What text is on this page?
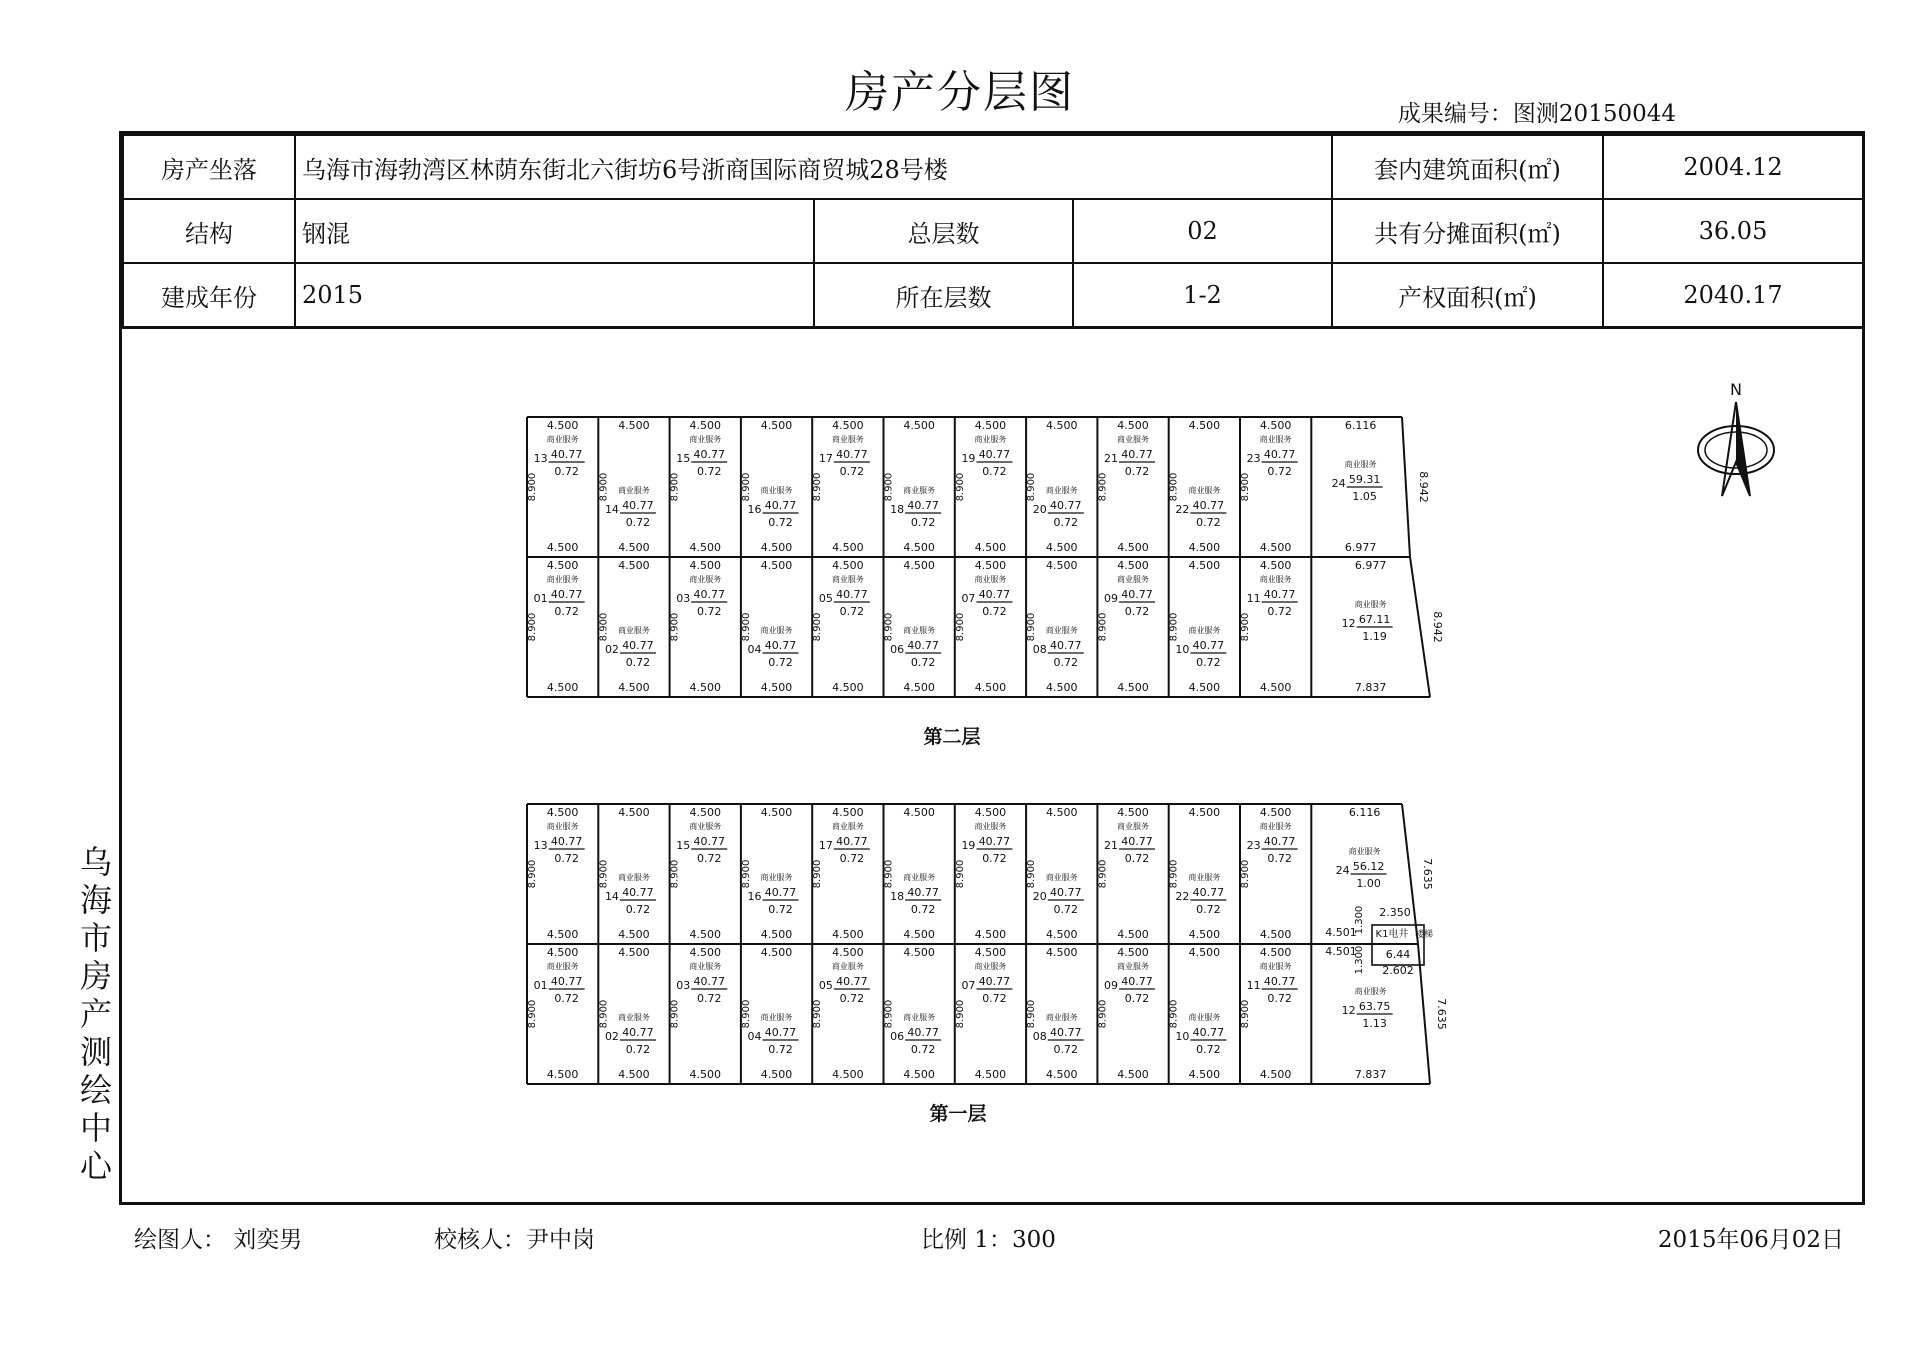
房产分层图	成果编号：图测20150044
房产坐落	乌海市海勃湾区林荫东街北六街坊6号浙商国际商贸城28号楼			套内建筑面积(㎡)	2004.12
结构	钢混	总层数	02	共有分摊面积(㎡)	36.05
建成年份	2015	所在层数	1-2	产权面积(㎡)	2040.17
乌
海
市
房
产
测
绘
中
心
4.500
4.500
8.900
商业服务
13 40.77
0.72
4.500
4.500
8.900 商业服务
14 40.77
0.72
4.500
4.500
8.900
商业服务
15 40.77
0.72
4.500
4.500
8.900 商业服务
16 40.77
0.72
4.500
4.500
8.900
商业服务
17 40.77
0.72
4.500
4.500
8.900 商业服务
18 40.77
0.72
4.500
4.500
8.900
商业服务
19 40.77
0.72
4.500
4.500
8.900 商业服务
20 40.77
0.72
4.500
4.500
8.900
商业服务
21 40.77
0.72
4.500
4.500
8.900 商业服务
22 40.77
0.72
4.500
4.500
8.900
商业服务
23 40.77
0.72
6.116
6.977
商业服务
24 59.31
1.05	8.942
4.500
4.500
8.900
商业服务
01 40.77
0.72
4.500
4.500
8.900 商业服务
02 40.77
0.72
4.500
4.500
8.900
商业服务
03 40.77
0.72
4.500
4.500
8.900 商业服务
04 40.77
0.72
4.500
4.500
8.900
商业服务
05 40.77
0.72
4.500
4.500
8.900 商业服务
06 40.77
0.72
4.500
4.500
8.900
商业服务
07 40.77
0.72
4.500
4.500
8.900 商业服务
08 40.77
0.72
4.500
4.500
8.900
商业服务
09 40.77
0.72
4.500
4.500
8.900 商业服务
10 40.77
0.72
4.500
4.500
8.900
商业服务
11 40.77
0.72
6.977
7.837
商业服务
12 67.11
1.19	8.942
第二层
4.500
4.500
8.900
商业服务
13 40.77
0.72
4.500
4.500
8.900 商业服务
14 40.77
0.72
4.500
4.500
8.900
商业服务
15 40.77
0.72
4.500
4.500
8.900 商业服务
16 40.77
0.72
4.500
4.500
8.900
商业服务
17 40.77
0.72
4.500
4.500
8.900 商业服务
18 40.77
0.72
4.500
4.500
8.900
商业服务
19 40.77
0.72
4.500
4.500
8.900 商业服务
20 40.77
0.72
4.500
4.500
8.900
商业服务
21 40.77
0.72
4.500
4.500
8.900 商业服务
22 40.77
0.72
4.500
4.500
8.900
商业服务
23 40.77
0.72
6.116
商业服务
24 56.12
1.00	7.635
4.500
4.500
8.900
商业服务
01 40.77
0.72
4.500
4.500
8.900 商业服务
02 40.77
0.72
4.500
4.500
8.900
商业服务
03 40.77
0.72
4.500
4.500
8.900 商业服务
04 40.77
0.72
4.500
4.500
8.900
商业服务
05 40.77
0.72
4.500
4.500
8.900 商业服务
06 40.77
0.72
4.500
4.500
8.900
商业服务
07 40.77
0.72
4.500
4.500
8.900 商业服务
08 40.77
0.72
4.500
4.500
8.900
商业服务
09 40.77
0.72
4.500
4.500
8.900 商业服务
10 40.77
0.72
4.500
4.500
8.900
商业服务
11 40.77
0.72
7.837
商业服务
12 63.75
1.13	7.635
第一层
4.501
4.501
1.300
1.300
2.350
2.602
6.44
K1电井 楼梯
N
绘图人： 刘奕男	校核人：尹中岗	比例 1：300	2015年06月02日
